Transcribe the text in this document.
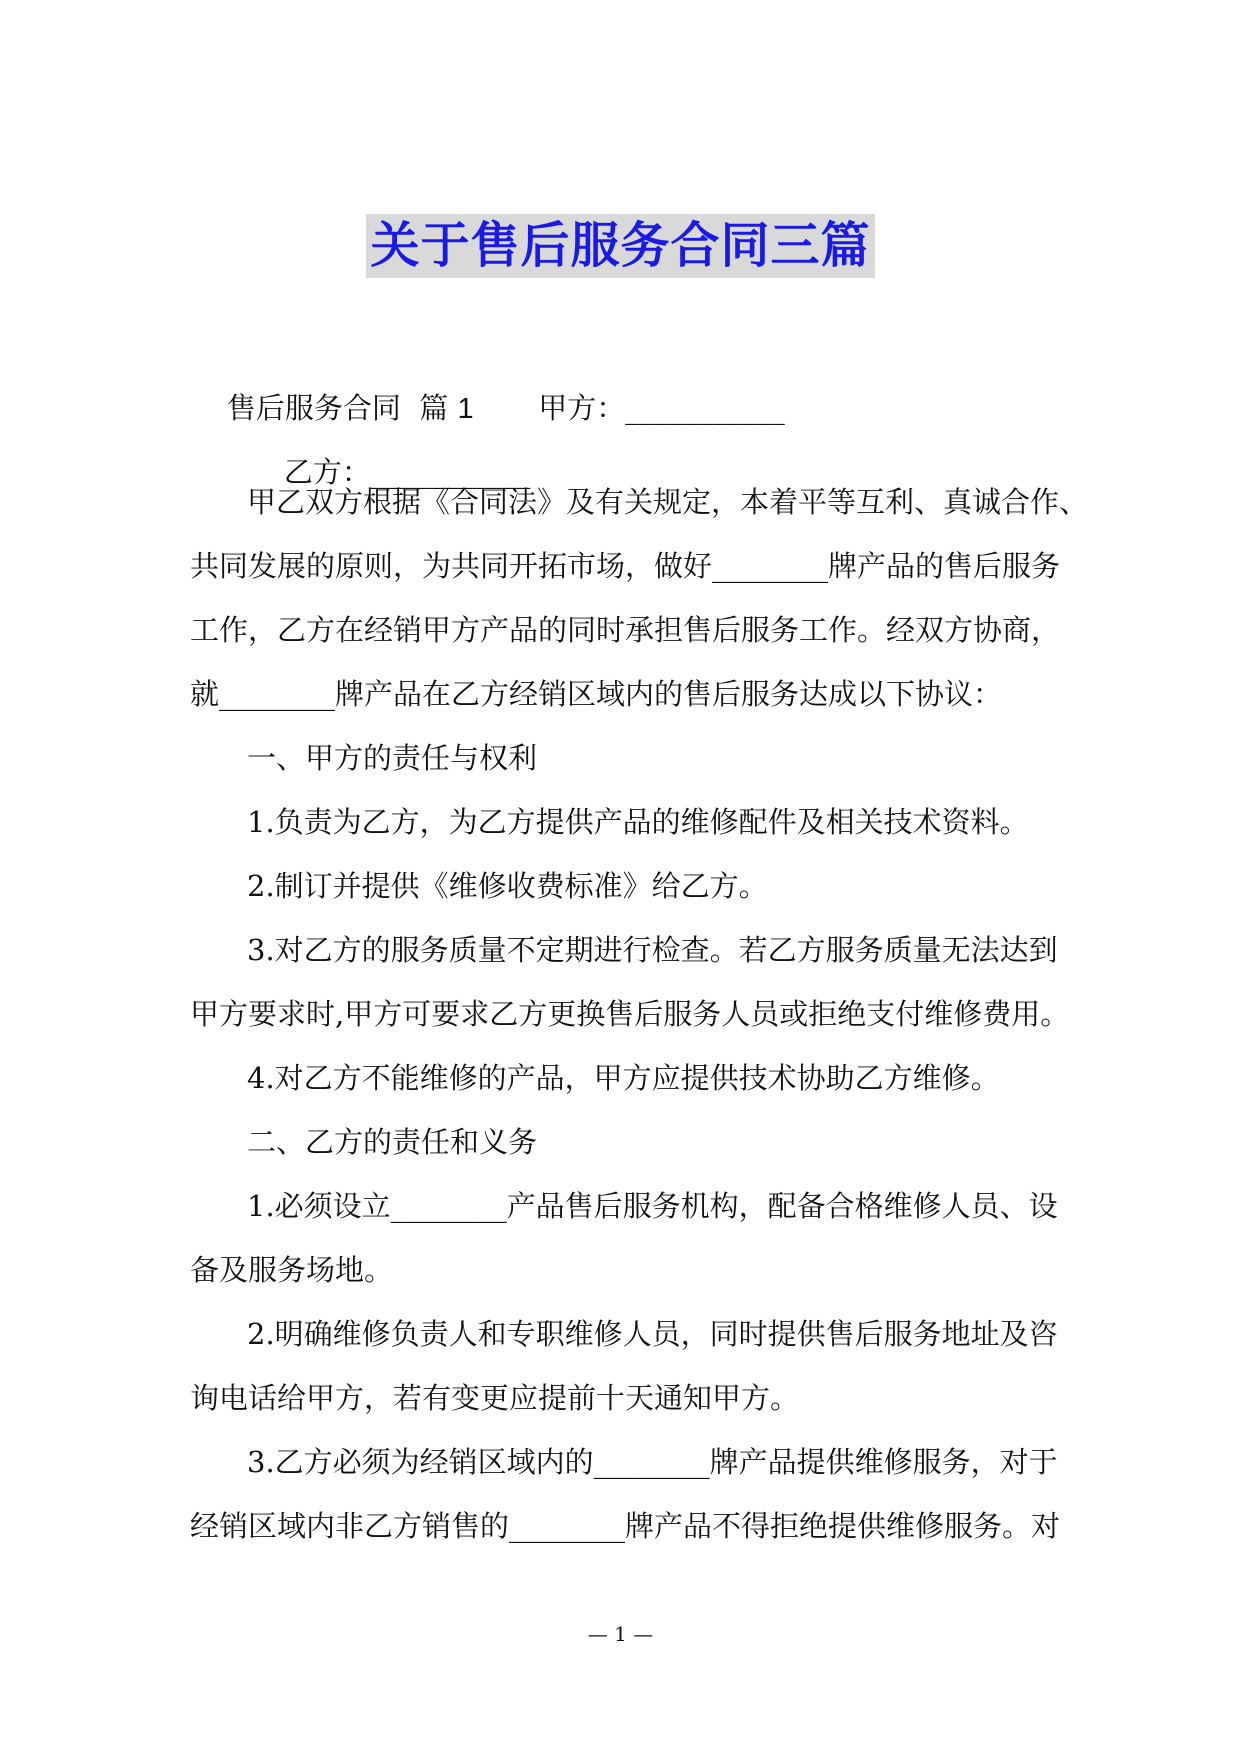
关于售后服务合同三篇

售后服务合同  篇 1       甲方：___________

乙方：___________

甲乙双方根据《合同法》及有关规定，本着平等互利、真诚合作、
共同发展的原则，为共同开拓市场，做好________牌产品的售后服务
工作，乙方在经销甲方产品的同时承担售后服务工作。经双方协商，
就________牌产品在乙方经销区域内的售后服务达成以下协议：
一、甲方的责任与权利
1.负责为乙方，为乙方提供产品的维修配件及相关技术资料。
2.制订并提供《维修收费标准》给乙方。
3.对乙方的服务质量不定期进行检查。若乙方服务质量无法达到
甲方要求时,甲方可要求乙方更换售后服务人员或拒绝支付维修费用。
4.对乙方不能维修的产品，甲方应提供技术协助乙方维修。
二、乙方的责任和义务
1.必须设立________产品售后服务机构，配备合格维修人员、设
备及服务场地。
2.明确维修负责人和专职维修人员，同时提供售后服务地址及咨
询电话给甲方，若有变更应提前十天通知甲方。
3.乙方必须为经销区域内的________牌产品提供维修服务，对于
经销区域内非乙方销售的________牌产品不得拒绝提供维修服务。对
— 1 —
